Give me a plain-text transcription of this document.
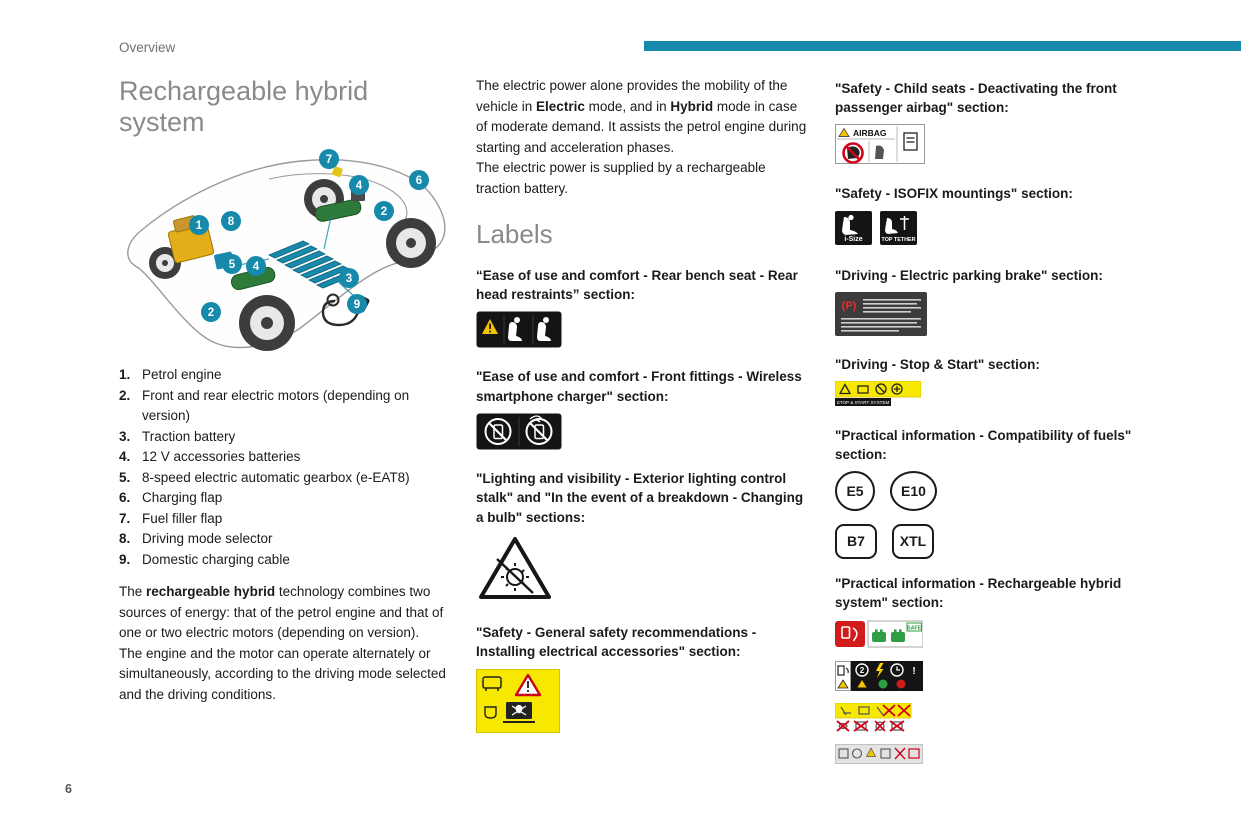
Overview
Rechargeable hybrid system
1
2
2
3
4
4
5
6
7
8
9
1. Petrol engine
2. Front and rear electric motors (depending on version)
3. Traction battery
4. 12 V accessories batteries
5. 8-speed electric automatic gearbox (e-EAT8)
6. Charging flap
7. Fuel filler flap
8. Driving mode selector
9. Domestic charging cable

The rechargeable hybrid technology combines two sources of energy: that of the petrol engine and that of one or two electric motors (depending on version).

The engine and the motor can operate alternately or simultaneously, according to the driving mode selected and the driving conditions.

The electric power alone provides the mobility of the vehicle in Electric mode, and in Hybrid mode in case of moderate demand. It assists the petrol engine during starting and acceleration phases.

The electric power is supplied by a rechargeable traction battery.

Labels

“Ease of use and comfort - Rear bench seat - Rear head restraints” section:

"Ease of use and comfort - Front fittings - Wireless smartphone charger" section:

"Lighting and visibility - Exterior lighting control stalk" and "In the event of a breakdown - Changing a bulb" sections:

"Safety - General safety recommendations - Installing electrical accessories" section:

"Safety - Child seats - Deactivating the front passenger airbag" section:

AIRBAG

"Safety - ISOFIX mountings" section:

i-Size	TOP TETHER

"Driving - Electric parking brake" section:

(P)

"Driving - Stop & Start" section:

STOP & START SYSTEM

"Practical information - Compatibility of fuels" section:

E5	E10
B7	XTL

"Practical information - Rechargeable hybrid system" section:

SAFE
2	!
6
